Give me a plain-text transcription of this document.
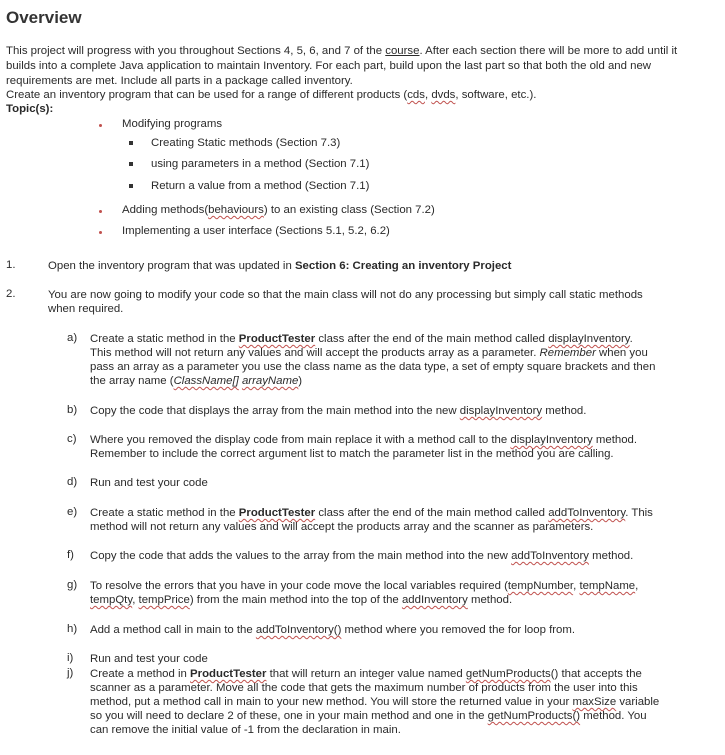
Overview
This project will progress with you throughout Sections 4, 5, 6, and 7 of the course. After each section there will be more to add until it
builds into a complete Java application to maintain Inventory. For each part, build upon the last part so that both the old and new
requirements are met. Include all parts in a package called inventory.
Create an inventory program that can be used for a range of different products (cds, dvds, software, etc.).
Topic(s):
Modifying programs
Creating Static methods (Section 7.3)
using parameters in a method (Section 7.1)
Return a value from a method (Section 7.1)
Adding methods(behaviours) to an existing class (Section 7.2)
Implementing a user interface (Sections 5.1, 5.2, 6.2)
1.	Open the inventory program that was updated in Section 6: Creating an inventory Project
2.	You are now going to modify your code so that the main class will not do any processing but simply call static methods
when required.
a) Create a static method in the ProductTester class after the end of the main method called displayInventory.
This method will not return any values and will accept the products array as a parameter. Remember when you
pass an array as a parameter you use the class name as the data type, a set of empty square brackets and then
the array name (ClassName[] arrayName)
b) Copy the code that displays the array from the main method into the new displayInventory method.
c) Where you removed the display code from main replace it with a method call to the displayInventory method.
Remember to include the correct argument list to match the parameter list in the method you are calling.
d) Run and test your code
e) Create a static method in the ProductTester class after the end of the main method called addToInventory. This
method will not return any values and will accept the products array and the scanner as parameters.
f) Copy the code that adds the values to the array from the main method into the new addToInventory method.
g) To resolve the errors that you have in your code move the local variables required (tempNumber, tempName,
tempQty, tempPrice) from the main method into the top of the addInventory method.
h) Add a method call in main to the addToInventory() method where you removed the for loop from.
i) Run and test your code
j) Create a method in ProductTester that will return an integer value named getNumProducts() that accepts the
scanner as a parameter. Move all the code that gets the maximum number of products from the user into this
method, put a method call in main to your new method. You will store the returned value in your maxSize variable
so you will need to declare 2 of these, one in your main method and one in the getNumProducts() method. You
can remove the initial value of -1 from the declaration in main.
